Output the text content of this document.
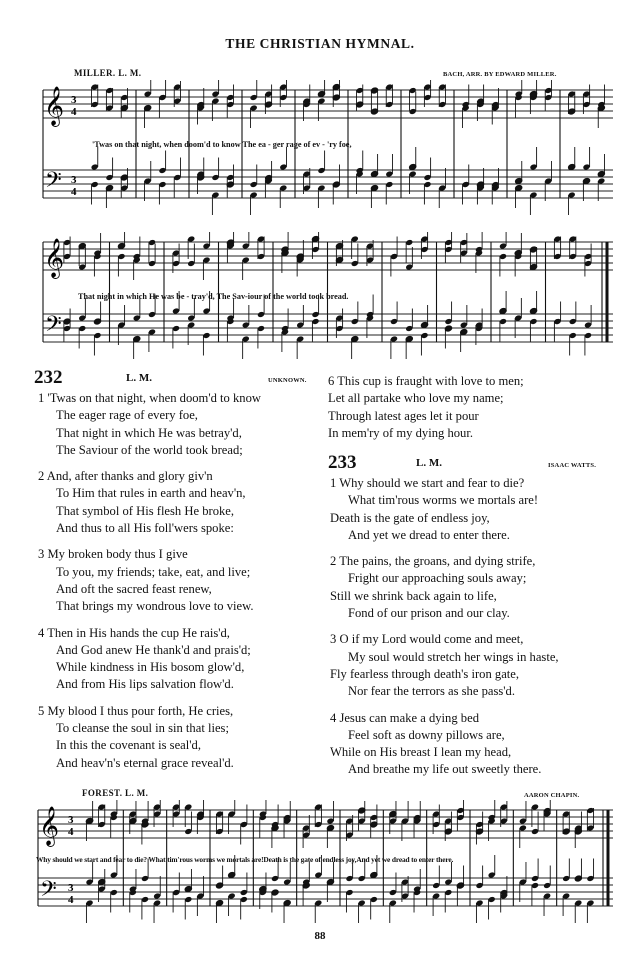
THE CHRISTIAN HYMNAL.
MILLER. L. M.	BACH, ARR. BY EDWARD MILLER.
𝄞
𝄢
3
4
3
4
'Twas on that night, when doom'd to know The ea - ger rage of ev - 'ry foe,
𝄞
𝄢
That night in which He was be - tray'd, The Sav-iour of the world took bread.
232	L. M.	UNKNOWN.
1 'Twas on that night, when doom'd to know
The eager rage of every foe,
That night in which He was betray'd,
The Saviour of the world took bread;
2 And, after thanks and glory giv'n
To Him that rules in earth and heav'n,
That symbol of His flesh He broke,
And thus to all His foll'wers spoke:
3 My broken body thus I give
To you, my friends; take, eat, and live;
And oft the sacred feast renew,
That brings my wondrous love to view.
4 Then in His hands the cup He rais'd,
And God anew He thank'd and prais'd;
While kindness in His bosom glow'd,
And from His lips salvation flow'd.
5 My blood I thus pour forth, He cries,
To cleanse the soul in sin that lies;
In this the covenant is seal'd,
And heav'n's eternal grace reveal'd.
6 This cup is fraught with love to men;
Let all partake who love my name;
Through latest ages let it pour
In mem'ry of my dying hour.
233	L. M.	ISAAC WATTS.
1 Why should we start and fear to die?
What tim'rous worms we mortals are!
Death is the gate of endless joy,
And yet we dread to enter there.
2 The pains, the groans, and dying strife,
Fright our approaching souls away;
Still we shrink back again to life,
Fond of our prison and our clay.
3 O if my Lord would come and meet,
My soul would stretch her wings in haste,
Fly fearless through death's iron gate,
Nor fear the terrors as she pass'd.
4 Jesus can make a dying bed
Feel soft as downy pillows are,
While on His breast I lean my head,
And breathe my life out sweetly there.
FOREST. L. M.	AARON CHAPIN.
𝄞
𝄢
3
4
3
4
Why should we start and fear to die? What tim'rous worms we mortals are!Death is the gate of endless joy,And yet we dread to enter there.
88
